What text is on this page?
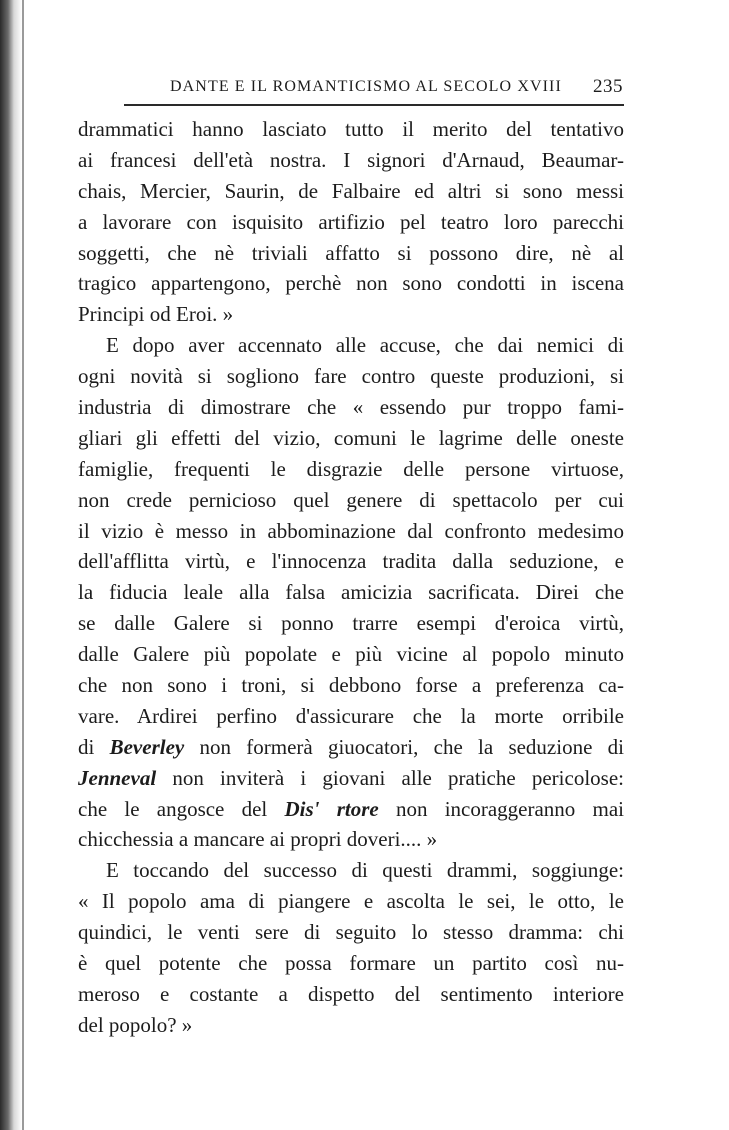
DANTE E IL ROMANTICISMO AL SECOLO XVIII 235
drammatici hanno lasciato tutto il merito del tentativo
ai francesi dell'età nostra. I signori d'Arnaud, Beaumar-
chais, Mercier, Saurin, de Falbaire ed altri si sono messi
a lavorare con isquisito artifizio pel teatro loro parecchi
soggetti, che nè triviali affatto si possono dire, nè al
tragico appartengono, perchè non sono condotti in iscena
Principi od Eroi. »
E dopo aver accennato alle accuse, che dai nemici di
ogni novità si sogliono fare contro queste produzioni, si
industria di dimostrare che « essendo pur troppo fami-
gliari gli effetti del vizio, comuni le lagrime delle oneste
famiglie, frequenti le disgrazie delle persone virtuose,
non crede pernicioso quel genere di spettacolo per cui
il vizio è messo in abbominazione dal confronto medesimo
dell'afflitta virtù, e l'innocenza tradita dalla seduzione, e
la fiducia leale alla falsa amicizia sacrificata. Direi che
se dalle Galere si ponno trarre esempi d'eroica virtù,
dalle Galere più popolate e più vicine al popolo minuto
che non sono i troni, si debbono forse a preferenza ca-
vare. Ardirei perfino d'assicurare che la morte orribile
di Beverley non formerà giuocatori, che la seduzione di
Jenneval non inviterà i giovani alle pratiche pericolose:
che le angosce del Dis' rtore non incoraggeranno mai
chicchessia a mancare ai propri doveri.... »
E toccando del successo di questi drammi, soggiunge:
« Il popolo ama di piangere e ascolta le sei, le otto, le
quindici, le venti sere di seguito lo stesso dramma: chi
è quel potente che possa formare un partito così nu-
meroso e costante a dispetto del sentimento interiore
del popolo? »
